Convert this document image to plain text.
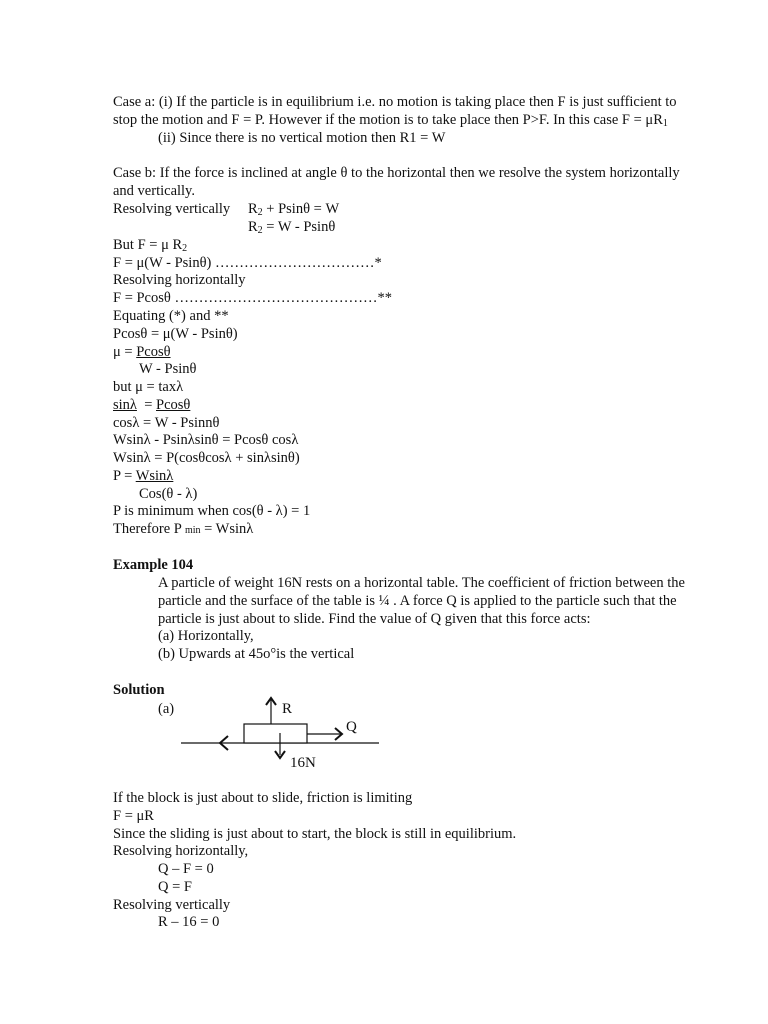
Case a: (i) If the particle is in equilibrium i.e. no motion is taking place then F is just sufficient to
stop the motion and F = P. However if the motion is to take place then P>F. In this case $F = \mu R_1$
(ii) Since there is no vertical motion then R1 = W
Case b: If the force is inclined at angle θ to the horizontal then we resolve the system horizontally
and vertically.
Resolving vertically $R_2 + Psin\theta = W$
$R_2 = W - Psin\theta$
But F = μ $R_2$
F = μ(W - Psinθ) ……………………………*
Resolving horizontally
F = Pcosθ ……………………………………**
Equating (*) and **
Pcosθ = μ(W - Psinθ)
μ = Pcosθ
W - Psinθ
but μ = taxλ
sinλ  = Pcosθ
cosλ = W - Psinnθ
Wsinλ - Psinλsinθ = Pcosθ cosλ
Wsinλ = P(cosθcosλ + sinλsinθ)
P = Wsinλ
Cos(θ - λ)
P is minimum when cos(θ - λ) = 1
Therefore P min = Wsinλ
Example 104
A particle of weight 16N rests on a horizontal table. The coefficient of friction between the
particle and the surface of the table is ¼ . A force Q is applied to the particle such that the
particle is just about to slide. Find the value of Q given that this force acts:
(a) Horizontally,
(b) Upwards at 45o°is the vertical
Solution
(a)	R
Q
16N
If the block is just about to slide, friction is limiting
F = μR
Since the sliding is just about to start, the block is still in equilibrium.
Resolving horizontally,
Q – F = 0
Q = F
Resolving vertically
R – 16 = 0
